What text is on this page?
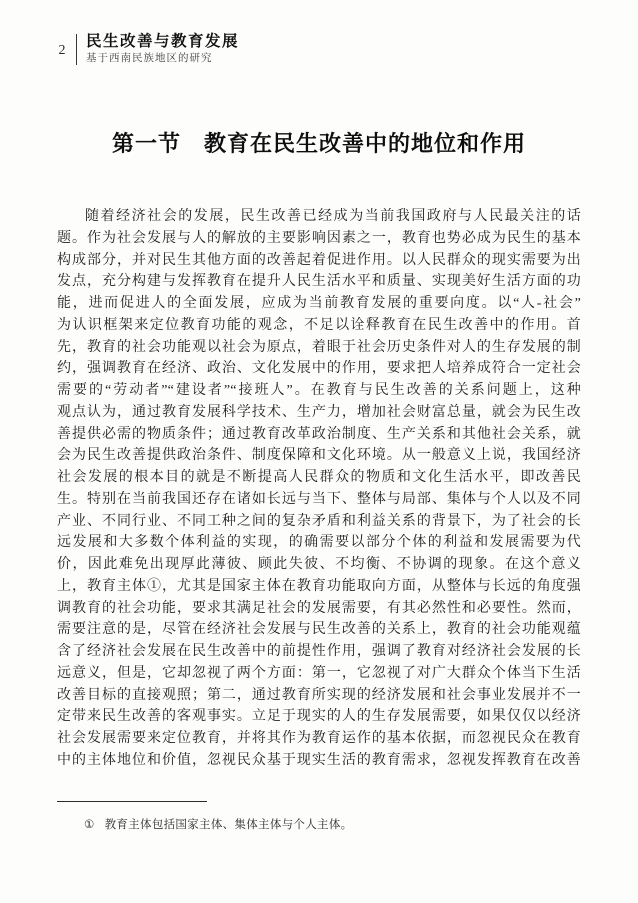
2	民生改善与教育发展
基于西南民族地区的研究
第一节　教育在民生改善中的地位和作用
随着经济社会的发展，民生改善已经成为当前我国政府与人民最关注的话
题。作为社会发展与人的解放的主要影响因素之一，教育也势必成为民生的基本
构成部分，并对民生其他方面的改善起着促进作用。以人民群众的现实需要为出
发点，充分构建与发挥教育在提升人民生活水平和质量、实现美好生活方面的功
能，进而促进人的全面发展，应成为当前教育发展的重要向度。以“人-社会”
为认识框架来定位教育功能的观念，不足以诠释教育在民生改善中的作用。首
先，教育的社会功能观以社会为原点，着眼于社会历史条件对人的生存发展的制
约，强调教育在经济、政治、文化发展中的作用，要求把人培养成符合一定社会
需要的“劳动者”“建设者”“接班人”。在教育与民生改善的关系问题上，这种
观点认为，通过教育发展科学技术、生产力，增加社会财富总量，就会为民生改
善提供必需的物质条件；通过教育改革政治制度、生产关系和其他社会关系，就
会为民生改善提供政治条件、制度保障和文化环境。从一般意义上说，我国经济
社会发展的根本目的就是不断提高人民群众的物质和文化生活水平，即改善民
生。特别在当前我国还存在诸如长远与当下、整体与局部、集体与个人以及不同
产业、不同行业、不同工种之间的复杂矛盾和利益关系的背景下，为了社会的长
远发展和大多数个体利益的实现，的确需要以部分个体的利益和发展需要为代
价，因此难免出现厚此薄彼、顾此失彼、不均衡、不协调的现象。在这个意义
上，教育主体①，尤其是国家主体在教育功能取向方面，从整体与长远的角度强
调教育的社会功能，要求其满足社会的发展需要，有其必然性和必要性。然而，
需要注意的是，尽管在经济社会发展与民生改善的关系上，教育的社会功能观蕴
含了经济社会发展在民生改善中的前提性作用，强调了教育对经济社会发展的长
远意义，但是，它却忽视了两个方面：第一，它忽视了对广大群众个体当下生活
改善目标的直接观照；第二，通过教育所实现的经济发展和社会事业发展并不一
定带来民生改善的客观事实。立足于现实的人的生存发展需要，如果仅仅以经济
社会发展需要来定位教育，并将其作为教育运作的基本依据，而忽视民众在教育
中的主体地位和价值，忽视民众基于现实生活的教育需求，忽视发挥教育在改善
① 教育主体包括国家主体、集体主体与个人主体。
